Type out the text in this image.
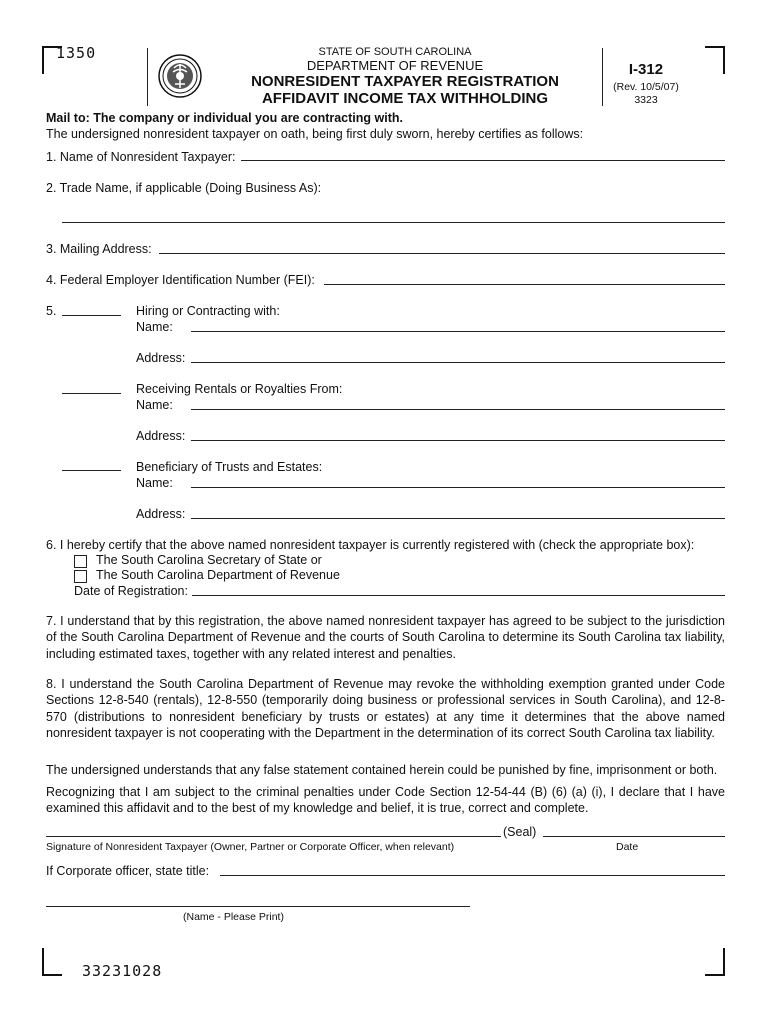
1350
33231028
STATE OF SOUTH CAROLINA
DEPARTMENT OF REVENUE
NONRESIDENT TAXPAYER REGISTRATION
AFFIDAVIT INCOME TAX WITHHOLDING
I-312
(Rev. 10/5/07)
3323
Mail to: The company or individual you are contracting with.
The undersigned nonresident taxpayer on oath, being first duly sworn, hereby certifies as follows:
1. Name of Nonresident Taxpayer:
2. Trade Name, if applicable (Doing Business As):
3. Mailing Address:
4. Federal Employer Identification Number (FEI):
5.	Hiring or Contracting with:
Name:
Address:
Receiving Rentals or Royalties From:
Name:
Address:
Beneficiary of Trusts and Estates:
Name:
Address:
6. I hereby certify that the above named nonresident taxpayer is currently registered with (check the appropriate box):
The South Carolina Secretary of State or
The South Carolina Department of Revenue
Date of Registration:
7. I understand that by this registration, the above named nonresident taxpayer has agreed to be subject to the jurisdiction of the South Carolina Department of Revenue and the courts of South Carolina to determine its South Carolina tax liability, including estimated taxes, together with any related interest and penalties.
8. I understand the South Carolina Department of Revenue may revoke the withholding exemption granted under Code Sections 12-8-540 (rentals), 12-8-550 (temporarily doing business or professional services in South Carolina), and 12-8-570 (distributions to nonresident beneficiary by trusts or estates) at any time it determines that the above named nonresident taxpayer is not cooperating with the Department in the determination of its correct South Carolina tax liability.
The undersigned understands that any false statement contained herein could be punished by fine, imprisonment or both.
Recognizing that I am subject to the criminal penalties under Code Section 12-54-44 (B) (6) (a) (i), I declare that I have examined this affidavit and to the best of my knowledge and belief, it is true, correct and complete.
(Seal)
Signature of Nonresident Taxpayer (Owner, Partner or Corporate Officer, when relevant)	Date
If Corporate officer, state title:
(Name - Please Print)
